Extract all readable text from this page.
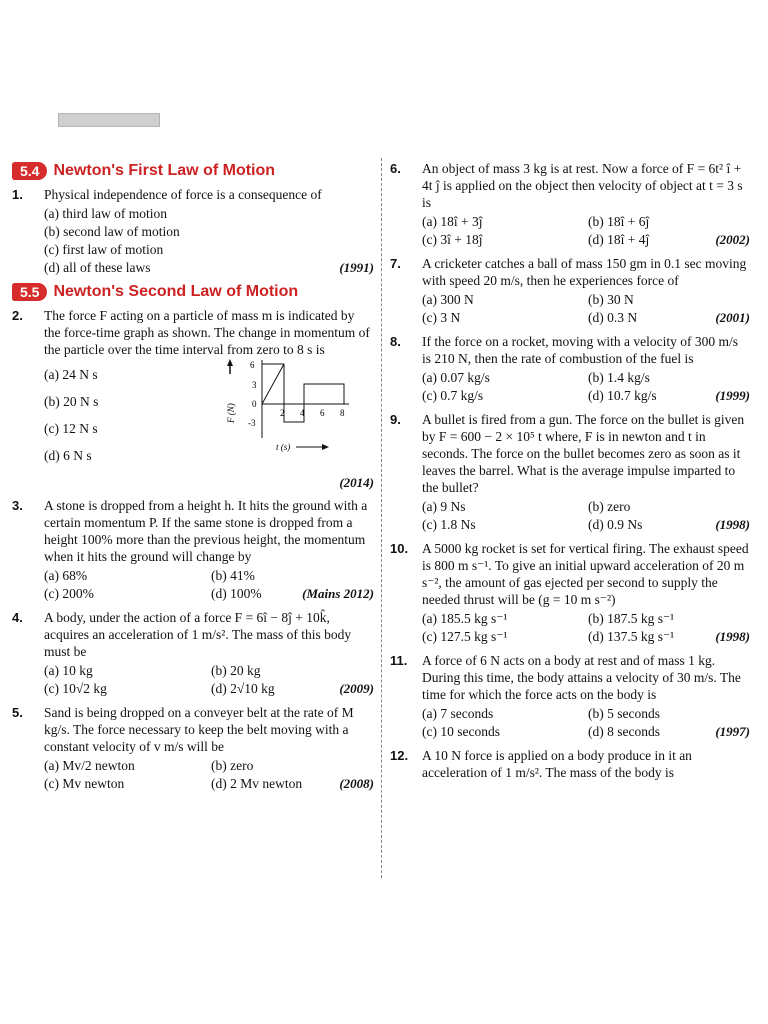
5.4 Newton's First Law of Motion
1. Physical independence of force is a consequence of
(a) third law of motion
(b) second law of motion
(c) first law of motion
(d) all of these laws	(1991)
5.5 Newton's Second Law of Motion
2. The force F acting on a particle of mass m is indicated by the force-time graph as shown. The change in momentum of the particle over the time interval from zero to 8 s is
(a) 24 N s
(b) 20 N s
(c) 12 N s
(d) 6 N s
F (N)
6
3
0
-3
2 4 6 8
t (s)
(2014)
3. A stone is dropped from a height h. It hits the ground with a certain momentum P. If the same stone is dropped from a height 100% more than the previous height, the momentum when it hits the ground will change by
(a) 68%	(b) 41%
(c) 200%	(d) 100%	(Mains 2012)
4. A body, under the action of a force F = 6î − 8ĵ + 10k̂, acquires an acceleration of 1 m/s². The mass of this body must be
(a) 10 kg	(b) 20 kg
(c) 10√2 kg	(d) 2√10 kg	(2009)
5. Sand is being dropped on a conveyer belt at the rate of M kg/s. The force necessary to keep the belt moving with a constant velocity of v m/s will be
(a) Mv/2 newton	(b) zero
(c) Mv newton	(d) 2 Mv newton	(2008)
6. An object of mass 3 kg is at rest. Now a force of F = 6t² î + 4t ĵ is applied on the object then velocity of object at t = 3 s is
(a) 18î + 3ĵ	(b) 18î + 6ĵ
(c) 3î + 18ĵ	(d) 18î + 4ĵ	(2002)
7. A cricketer catches a ball of mass 150 gm in 0.1 sec moving with speed 20 m/s, then he experiences force of
(a) 300 N	(b) 30 N
(c) 3 N	(d) 0.3 N	(2001)
8. If the force on a rocket, moving with a velocity of 300 m/s is 210 N, then the rate of combustion of the fuel is
(a) 0.07 kg/s	(b) 1.4 kg/s
(c) 0.7 kg/s	(d) 10.7 kg/s	(1999)
9. A bullet is fired from a gun. The force on the bullet is given by F = 600 − 2 × 10⁵ t where, F is in newton and t in seconds. The force on the bullet becomes zero as soon as it leaves the barrel. What is the average impulse imparted to the bullet?
(a) 9 Ns	(b) zero
(c) 1.8 Ns	(d) 0.9 Ns	(1998)
10. A 5000 kg rocket is set for vertical firing. The exhaust speed is 800 m s⁻¹. To give an initial upward acceleration of 20 m s⁻², the amount of gas ejected per second to supply the needed thrust will be (g = 10 m s⁻²)
(a) 185.5 kg s⁻¹	(b) 187.5 kg s⁻¹
(c) 127.5 kg s⁻¹	(d) 137.5 kg s⁻¹	(1998)
11. A force of 6 N acts on a body at rest and of mass 1 kg. During this time, the body attains a velocity of 30 m/s. The time for which the force acts on the body is
(a) 7 seconds	(b) 5 seconds
(c) 10 seconds	(d) 8 seconds	(1997)
12. A 10 N force is applied on a body produce in it an acceleration of 1 m/s². The mass of the body is
